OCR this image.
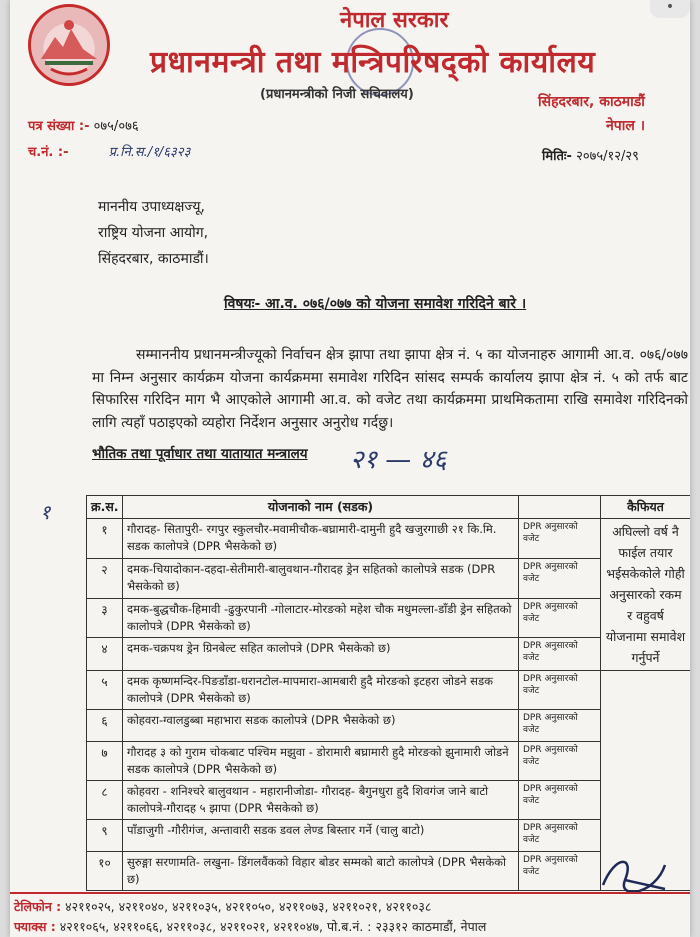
नेपाल सरकार
प्रधानमन्त्री तथा मन्त्रिपरिषद्को कार्यालय
(प्रधानमन्त्रीको निजी सचिवालय)	सिंहदरबार, काठमाडौं
नेपाल ।
पत्र संख्या :- ०७५/०७६
च.नं. :-	प्र.नि.स./१/६३२३	मितिः- २०७५/१२/२९
माननीय उपाध्यक्षज्यू,
राष्ट्रिय योजना आयोग,
सिंहदरबार, काठमाडौं।
विषयः- आ.व. ०७६/०७७ को योजना समावेश गरिदिने बारे ।
सम्माननीय प्रधानमन्त्रीज्यूको निर्वाचन क्षेत्र झापा तथा झापा क्षेत्र नं. ५ का योजनाहरु आगामी आ.व. ०७६/०७७ मा निम्न अनुसार कार्यक्रम योजना कार्यक्रममा समावेश गरिदिन सांसद सम्पर्क कार्यालय झापा क्षेत्र नं. ५ को तर्फ बाट सिफारिस गरिदिन माग भै आएकोले आगामी आ.व. को वजेट तथा कार्यक्रममा प्राथमिकतामा राखि समावेश गरिदिनको लागि त्यहाँ पठाइएको व्यहोरा निर्देशन अनुसार अनुरोध गर्दछु।
भौतिक तथा पूर्वाधार तथा यातायात मन्त्रालय २१ — ४६
१	क्र.स.	योजनाको नाम (सडक)		कैफियत
१	गौरादह- सितापुरी- रगपुर स्कुलचौर-मवामीचौक-बघ्रामारी-दामुनी हुदै खजुरगाछी २१ कि.मि. सडक कालोपत्रे (DPR भैसकेको छ)	DPR अनुसारको वजेट	अघिल्लो वर्ष नै फाईल तयार भईसकेकोले गोही अनुसारको रकम र वहुवर्ष योजनामा समावेश गर्नुपर्ने
२	दमक-चियादोकान-दहदा-सेतीमारी-बालुवथान-गौरादह ड्रेन सहितको कालोपत्रे सडक (DPR भैसकेको छ)	DPR अनुसारको वजेट	
३	दमक-बुद्धचौक-हिमावी -ढुकुरपानी -गोलाटार-मोरङको महेश चौक मधुमल्ला-डाँडी ड्रेन सहितको कालोपत्रे (DPR भैसकेको छ)	DPR अनुसारको वजेट	
४	दमक-चक्रपथ ड्रेन ग्रिनबेल्ट सहित कालोपत्रे (DPR भैसकेको छ)	DPR अनुसारको वजेट	
५	दमक कृष्णमन्दिर-पिङडाँडा-धरानटोल-मापमारा-आमबारी हुदै मोरङको इटहरा जोडने सडक कालोपत्रे (DPR भैसकेको छ)	DPR अनुसारको वजेट	
६	कोहवरा-ग्वालडुब्बा महाभारा सडक कालोपत्रे (DPR भैसकेको छ)	DPR अनुसारको वजेट	
७	गौरादह ३ को गुराम चोकबाट पश्चिम मझुवा - डोरामारी बघ्रामारी हुदै मोरङको झुनामारी जोडने सडक कालोपत्रे (DPR भैसकेको छ)	DPR अनुसारको वजेट	
८	कोहवरा - शनिश्चरे बालुवथान - महारानीजोडा- गौरादह- बैगुनधुरा हुदै शिवगंज जाने बाटो कालोपत्रे-गौरादह ५ झापा (DPR भैसकेको छ)	DPR अनुसारको वजेट	
९	पाँडाजुगी -गौरीगंज, अन्तावारी सडक डवल लेण्ड बिस्तार गर्ने (चालु बाटो)	DPR अनुसारको वजेट	
१०	सुरुङ्गा सरणामति- लखुना- डिंगलवैंकको विहार बोडर सम्मको बाटो कालोपत्रे (DPR भैसकेको छ)	DPR अनुसारको वजेट	
टेलिफोन : ४२११०२५, ४२११०४०, ४२११०३५, ४२११०५०, ४२११०७३, ४२११०२१, ४२११०३८
फ्याक्स : ४२११०६५, ४२११०६६, ४२११०३८, ४२११०२१, ४२११०४७, पो.ब.नं. : २३३१२ काठमाडौं, नेपाल
•
